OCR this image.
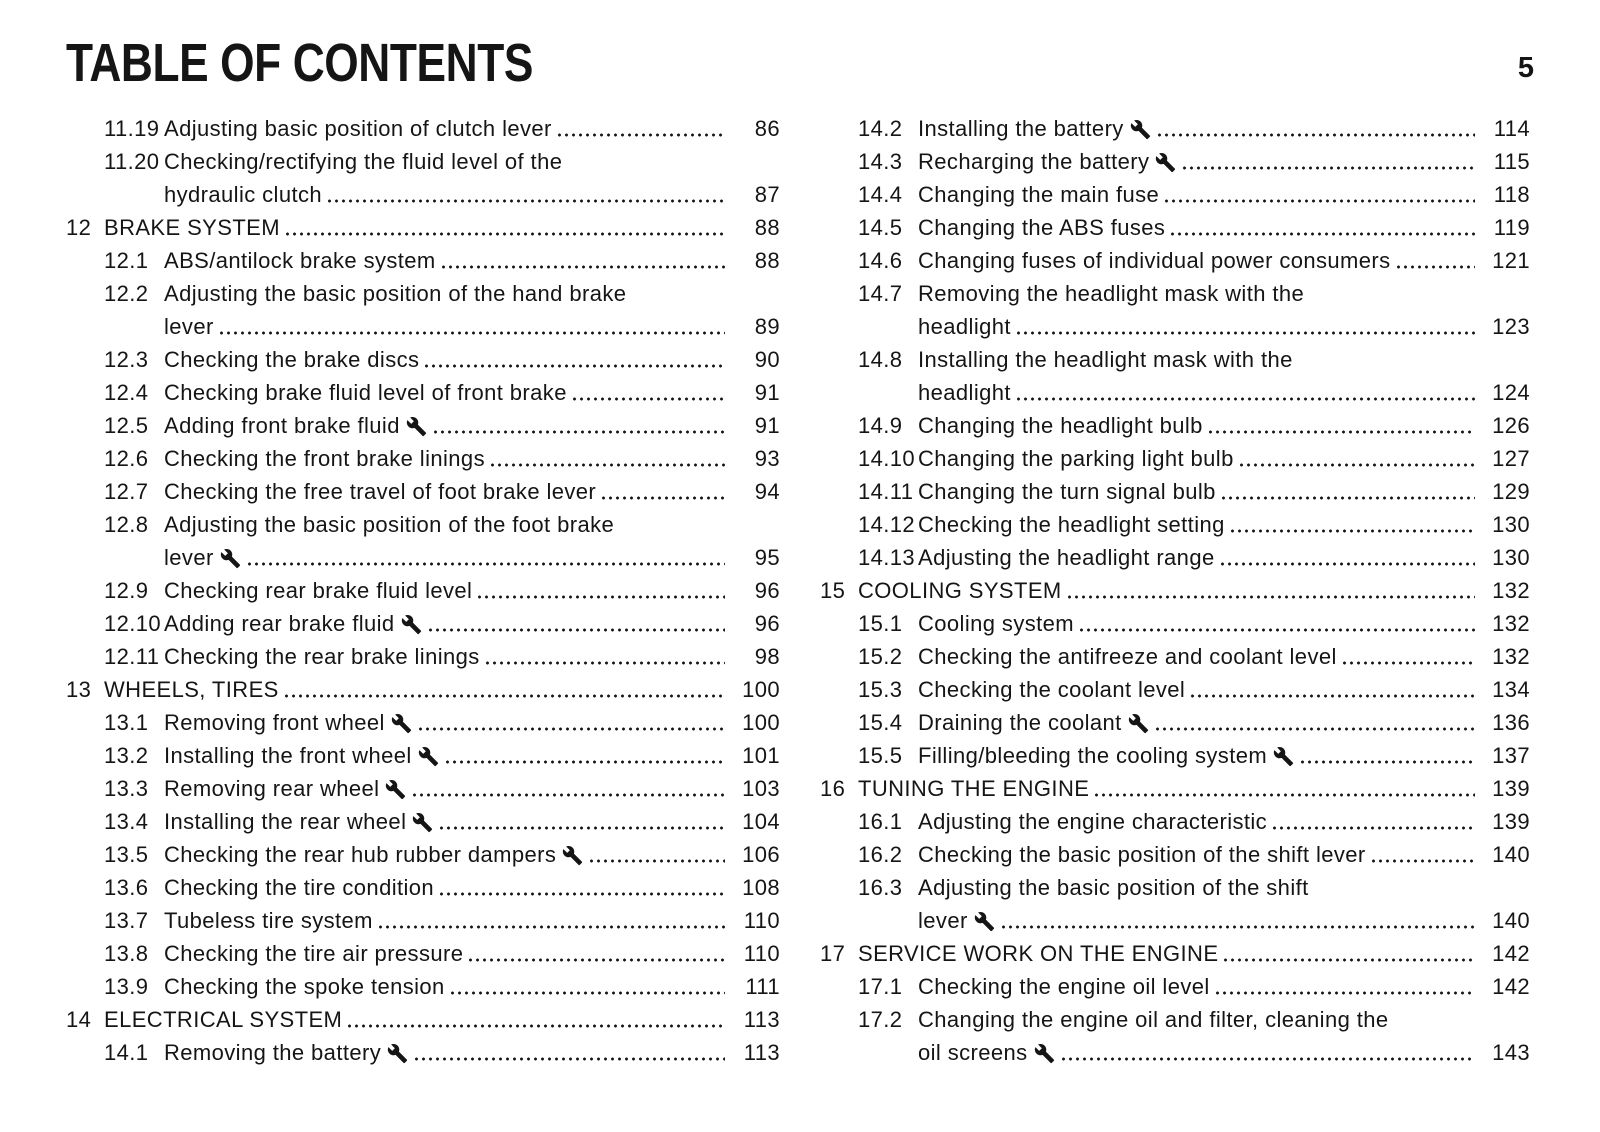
TABLE OF CONTENTS	5
11.19 Adjusting basic position of clutch lever	86
11.20 Checking/rectifying the fluid level of the
hydraulic clutch	87
12 BRAKE SYSTEM	88
12.1 ABS/antilock brake system	88
12.2 Adjusting the basic position of the hand brake
lever	89
12.3 Checking the brake discs	90
12.4 Checking brake fluid level of front brake	91
12.5 Adding front brake fluid	91
12.6 Checking the front brake linings	93
12.7 Checking the free travel of foot brake lever	94
12.8 Adjusting the basic position of the foot brake
lever	95
12.9 Checking rear brake fluid level	96
12.10 Adding rear brake fluid	96
12.11 Checking the rear brake linings	98
13 WHEELS, TIRES	100
13.1 Removing front wheel	100
13.2 Installing the front wheel	101
13.3 Removing rear wheel	103
13.4 Installing the rear wheel	104
13.5 Checking the rear hub rubber dampers	106
13.6 Checking the tire condition	108
13.7 Tubeless tire system	110
13.8 Checking the tire air pressure	110
13.9 Checking the spoke tension	111
14 ELECTRICAL SYSTEM	113
14.1 Removing the battery	113
14.2 Installing the battery	114
14.3 Recharging the battery	115
14.4 Changing the main fuse	118
14.5 Changing the ABS fuses	119
14.6 Changing fuses of individual power consumers	121
14.7 Removing the headlight mask with the
headlight	123
14.8 Installing the headlight mask with the
headlight	124
14.9 Changing the headlight bulb	126
14.10 Changing the parking light bulb	127
14.11 Changing the turn signal bulb	129
14.12 Checking the headlight setting	130
14.13 Adjusting the headlight range	130
15 COOLING SYSTEM	132
15.1 Cooling system	132
15.2 Checking the antifreeze and coolant level	132
15.3 Checking the coolant level	134
15.4 Draining the coolant	136
15.5 Filling/bleeding the cooling system	137
16 TUNING THE ENGINE	139
16.1 Adjusting the engine characteristic	139
16.2 Checking the basic position of the shift lever	140
16.3 Adjusting the basic position of the shift
lever	140
17 SERVICE WORK ON THE ENGINE	142
17.1 Checking the engine oil level	142
17.2 Changing the engine oil and filter, cleaning the
oil screens	143
